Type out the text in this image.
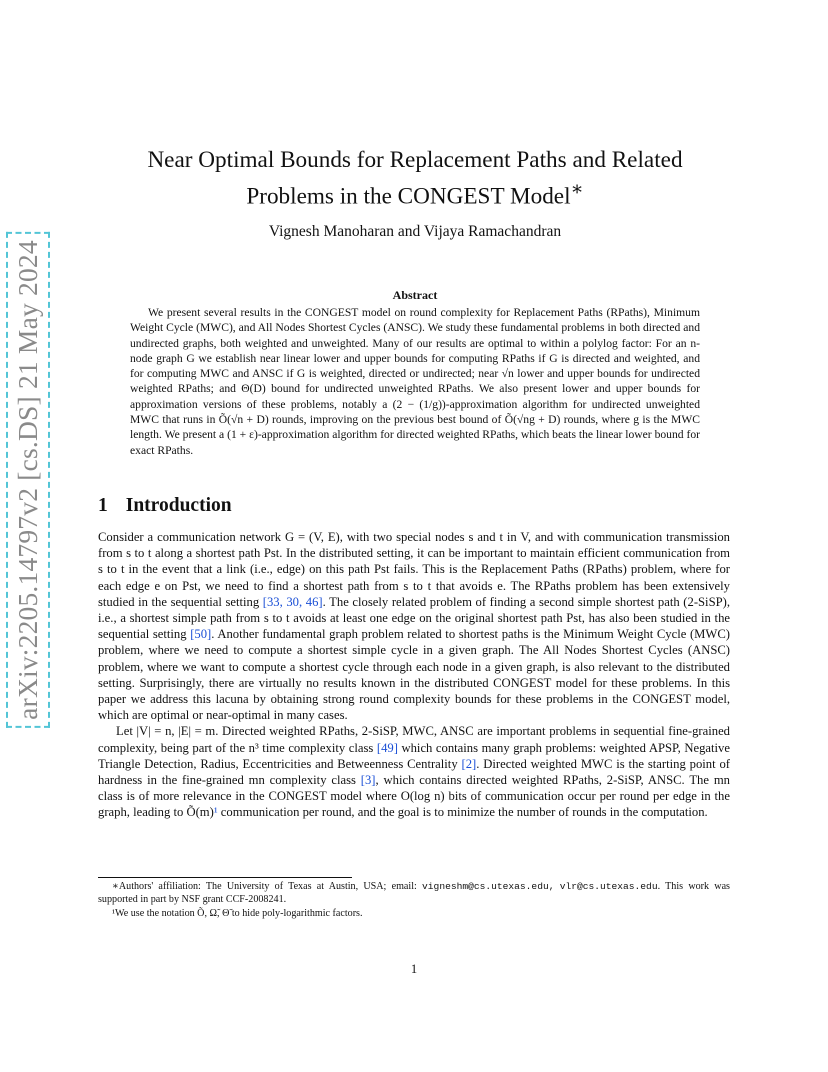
arXiv:2205.14797v2 [cs.DS] 21 May 2024
Near Optimal Bounds for Replacement Paths and Related
Problems in the CONGEST Model∗
Vignesh Manoharan and Vijaya Ramachandran
Abstract

We present several results in the CONGEST model on round complexity for Replacement Paths (RPaths), Minimum Weight Cycle (MWC), and All Nodes Shortest Cycles (ANSC). We study these fundamental problems in both directed and undirected graphs, both weighted and unweighted. Many of our results are optimal to within a polylog factor: For an n-node graph G we establish near linear lower and upper bounds for computing RPaths if G is directed and weighted, and for computing MWC and ANSC if G is weighted, directed or undirected; near √n lower and upper bounds for undirected weighted RPaths; and Θ(D) bound for undirected unweighted RPaths. We also present lower and upper bounds for approximation versions of these problems, notably a (2 − (1/g))-approximation algorithm for undirected unweighted MWC that runs in Õ(√n + D) rounds, improving on the previous best bound of Õ(√ng + D) rounds, where g is the MWC length. We present a (1 + ε)-approximation algorithm for directed weighted RPaths, which beats the linear lower bound for exact RPaths.

1 Introduction

Consider a communication network G = (V, E), with two special nodes s and t in V, and with communication transmission from s to t along a shortest path Pst. In the distributed setting, it can be important to maintain efficient communication from s to t in the event that a link (i.e., edge) on this path Pst fails. This is the Replacement Paths (RPaths) problem, where for each edge e on Pst, we need to find a shortest path from s to t that avoids e. The RPaths problem has been extensively studied in the sequential setting [33, 30, 46]. The closely related problem of finding a second simple shortest path (2-SiSP), i.e., a shortest simple path from s to t avoids at least one edge on the original shortest path Pst, has also been studied in the sequential setting [50]. Another fundamental graph problem related to shortest paths is the Minimum Weight Cycle (MWC) problem, where we need to compute a shortest simple cycle in a given graph. The All Nodes Shortest Cycles (ANSC) problem, where we want to compute a shortest cycle through each node in a given graph, is also relevant to the distributed setting. Surprisingly, there are virtually no results known in the distributed CONGEST model for these problems. In this paper we address this lacuna by obtaining strong round complexity bounds for these problems in the CONGEST model, which are optimal or near-optimal in many cases.

Let |V| = n, |E| = m. Directed weighted RPaths, 2-SiSP, MWC, ANSC are important problems in sequential fine-grained complexity, being part of the n³ time complexity class [49] which contains many graph problems: weighted APSP, Negative Triangle Detection, Radius, Eccentricities and Betweenness Centrality [2]. Directed weighted MWC is the starting point of hardness in the fine-grained mn complexity class [3], which contains directed weighted RPaths, 2-SiSP, ANSC. The mn class is of more relevance in the CONGEST model where O(log n) bits of communication occur per round per edge in the graph, leading to Õ(m)¹ communication per round, and the goal is to minimize the number of rounds in the computation.

∗Authors' affiliation: The University of Texas at Austin, USA; email: vigneshm@cs.utexas.edu, vlr@cs.utexas.edu. This work was supported in part by NSF grant CCF-2008241.

¹We use the notation Õ, Ω̃, Θ̃ to hide poly-logarithmic factors.

1
